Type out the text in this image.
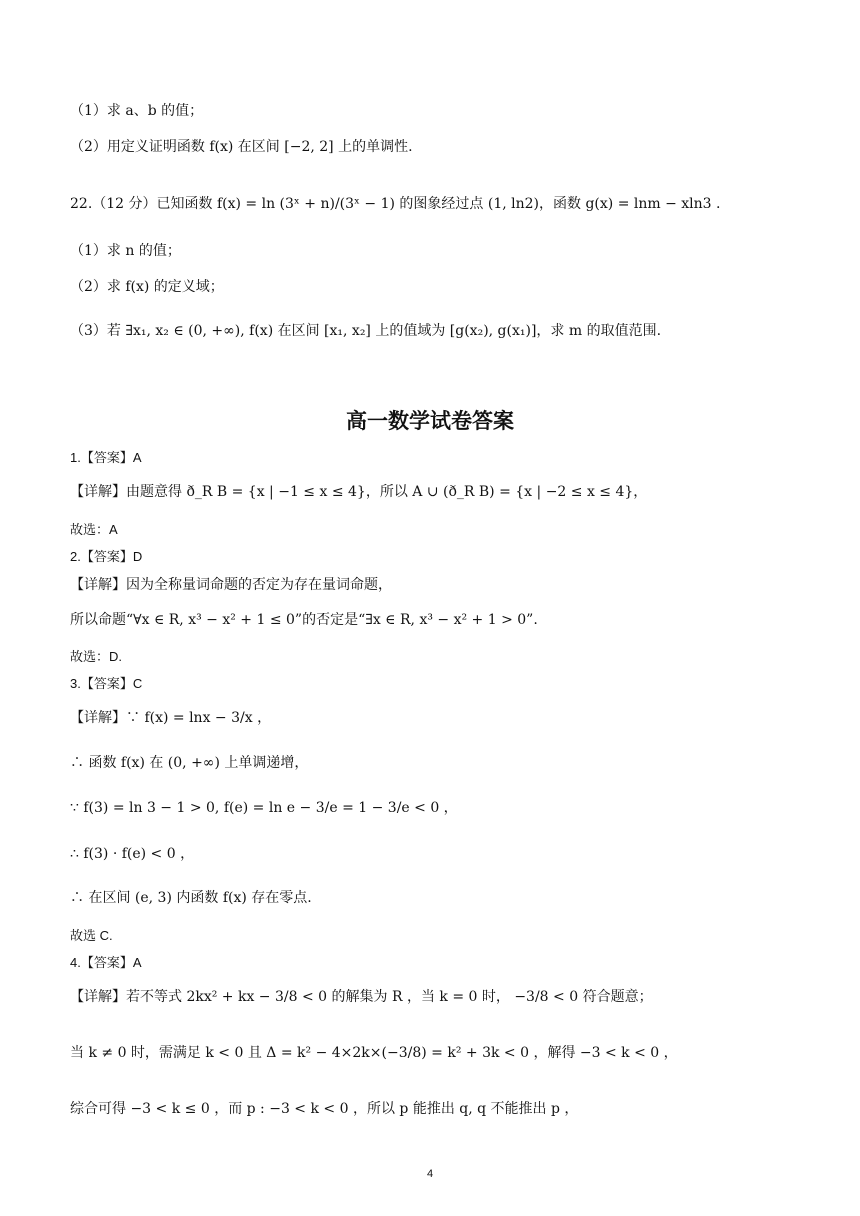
（1）求 a、b 的值；
（2）用定义证明函数 f(x) 在区间 [−2, 2] 上的单调性.
22.（12 分）已知函数 f(x) = ln (3ˣ + n)/(3ˣ − 1) 的图象经过点 (1, ln2)，函数 g(x) = lnm − xln3 .
（1）求 n 的值；
（2）求 f(x) 的定义域；
（3）若 ∃x₁, x₂ ∈ (0, +∞), f(x) 在区间 [x₁, x₂] 上的值域为 [g(x₂), g(x₁)]，求 m 的取值范围.
高一数学试卷答案
1.【答案】A
【详解】由题意得 ð_R B = {x | −1 ≤ x ≤ 4}，所以 A ∪ (ð_R B) = {x | −2 ≤ x ≤ 4}，
故选：A
2.【答案】D
【详解】因为全称量词命题的否定为存在量词命题，
所以命题“∀x ∈ R, x³ − x² + 1 ≤ 0”的否定是“∃x ∈ R, x³ − x² + 1 > 0”.
故选：D.
3.【答案】C
【详解】∵ f(x) = lnx − 3/x ，
∴ 函数 f(x) 在 (0, +∞) 上单调递增，
∵ f(3) = ln 3 − 1 > 0, f(e) = ln e − 3/e = 1 − 3/e < 0 ，
∴ f(3) · f(e) < 0 ，
∴ 在区间 (e, 3) 内函数 f(x) 存在零点.
故选 C.
4.【答案】A
【详解】若不等式 2kx² + kx − 3/8 < 0 的解集为 R ，当 k = 0 时， −3/8 < 0 符合题意；
当 k ≠ 0 时，需满足 k < 0 且 Δ = k² − 4×2k×(−3/8) = k² + 3k < 0 ，解得 −3 < k < 0 ，
综合可得 −3 < k ≤ 0 ，而 p : −3 < k < 0 ，所以 p 能推出 q, q 不能推出 p ，
4
